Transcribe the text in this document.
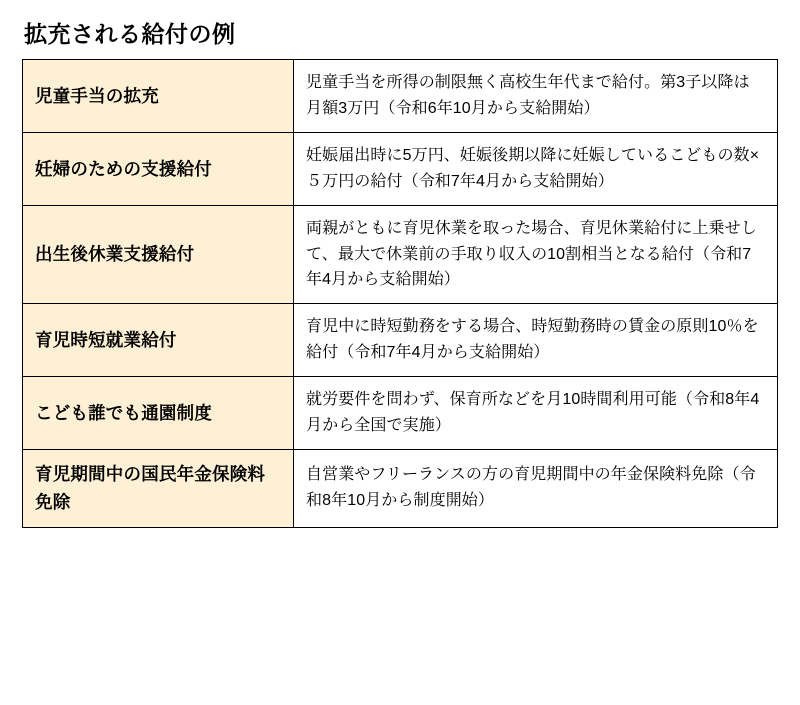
拡充される給付の例
児童手当の拡充	児童手当を所得の制限無く高校生年代まで給付。第3子以降は月額3万円（令和6年10月から支給開始）
妊婦のための支援給付	妊娠届出時に5万円、妊娠後期以降に妊娠しているこどもの数×５万円の給付（令和7年4月から支給開始）
出生後休業支援給付	両親がともに育児休業を取った場合、育児休業給付に上乗せして、最大で休業前の手取り収入の10割相当となる給付（令和7年4月から支給開始）
育児時短就業給付	育児中に時短勤務をする場合、時短勤務時の賃金の原則10％を給付（令和7年4月から支給開始）
こども誰でも通園制度	就労要件を問わず、保育所などを月10時間利用可能（令和8年4月から全国で実施）
育児期間中の国民年金保険料免除	自営業やフリーランスの方の育児期間中の年金保険料免除（令和8年10月から制度開始）
